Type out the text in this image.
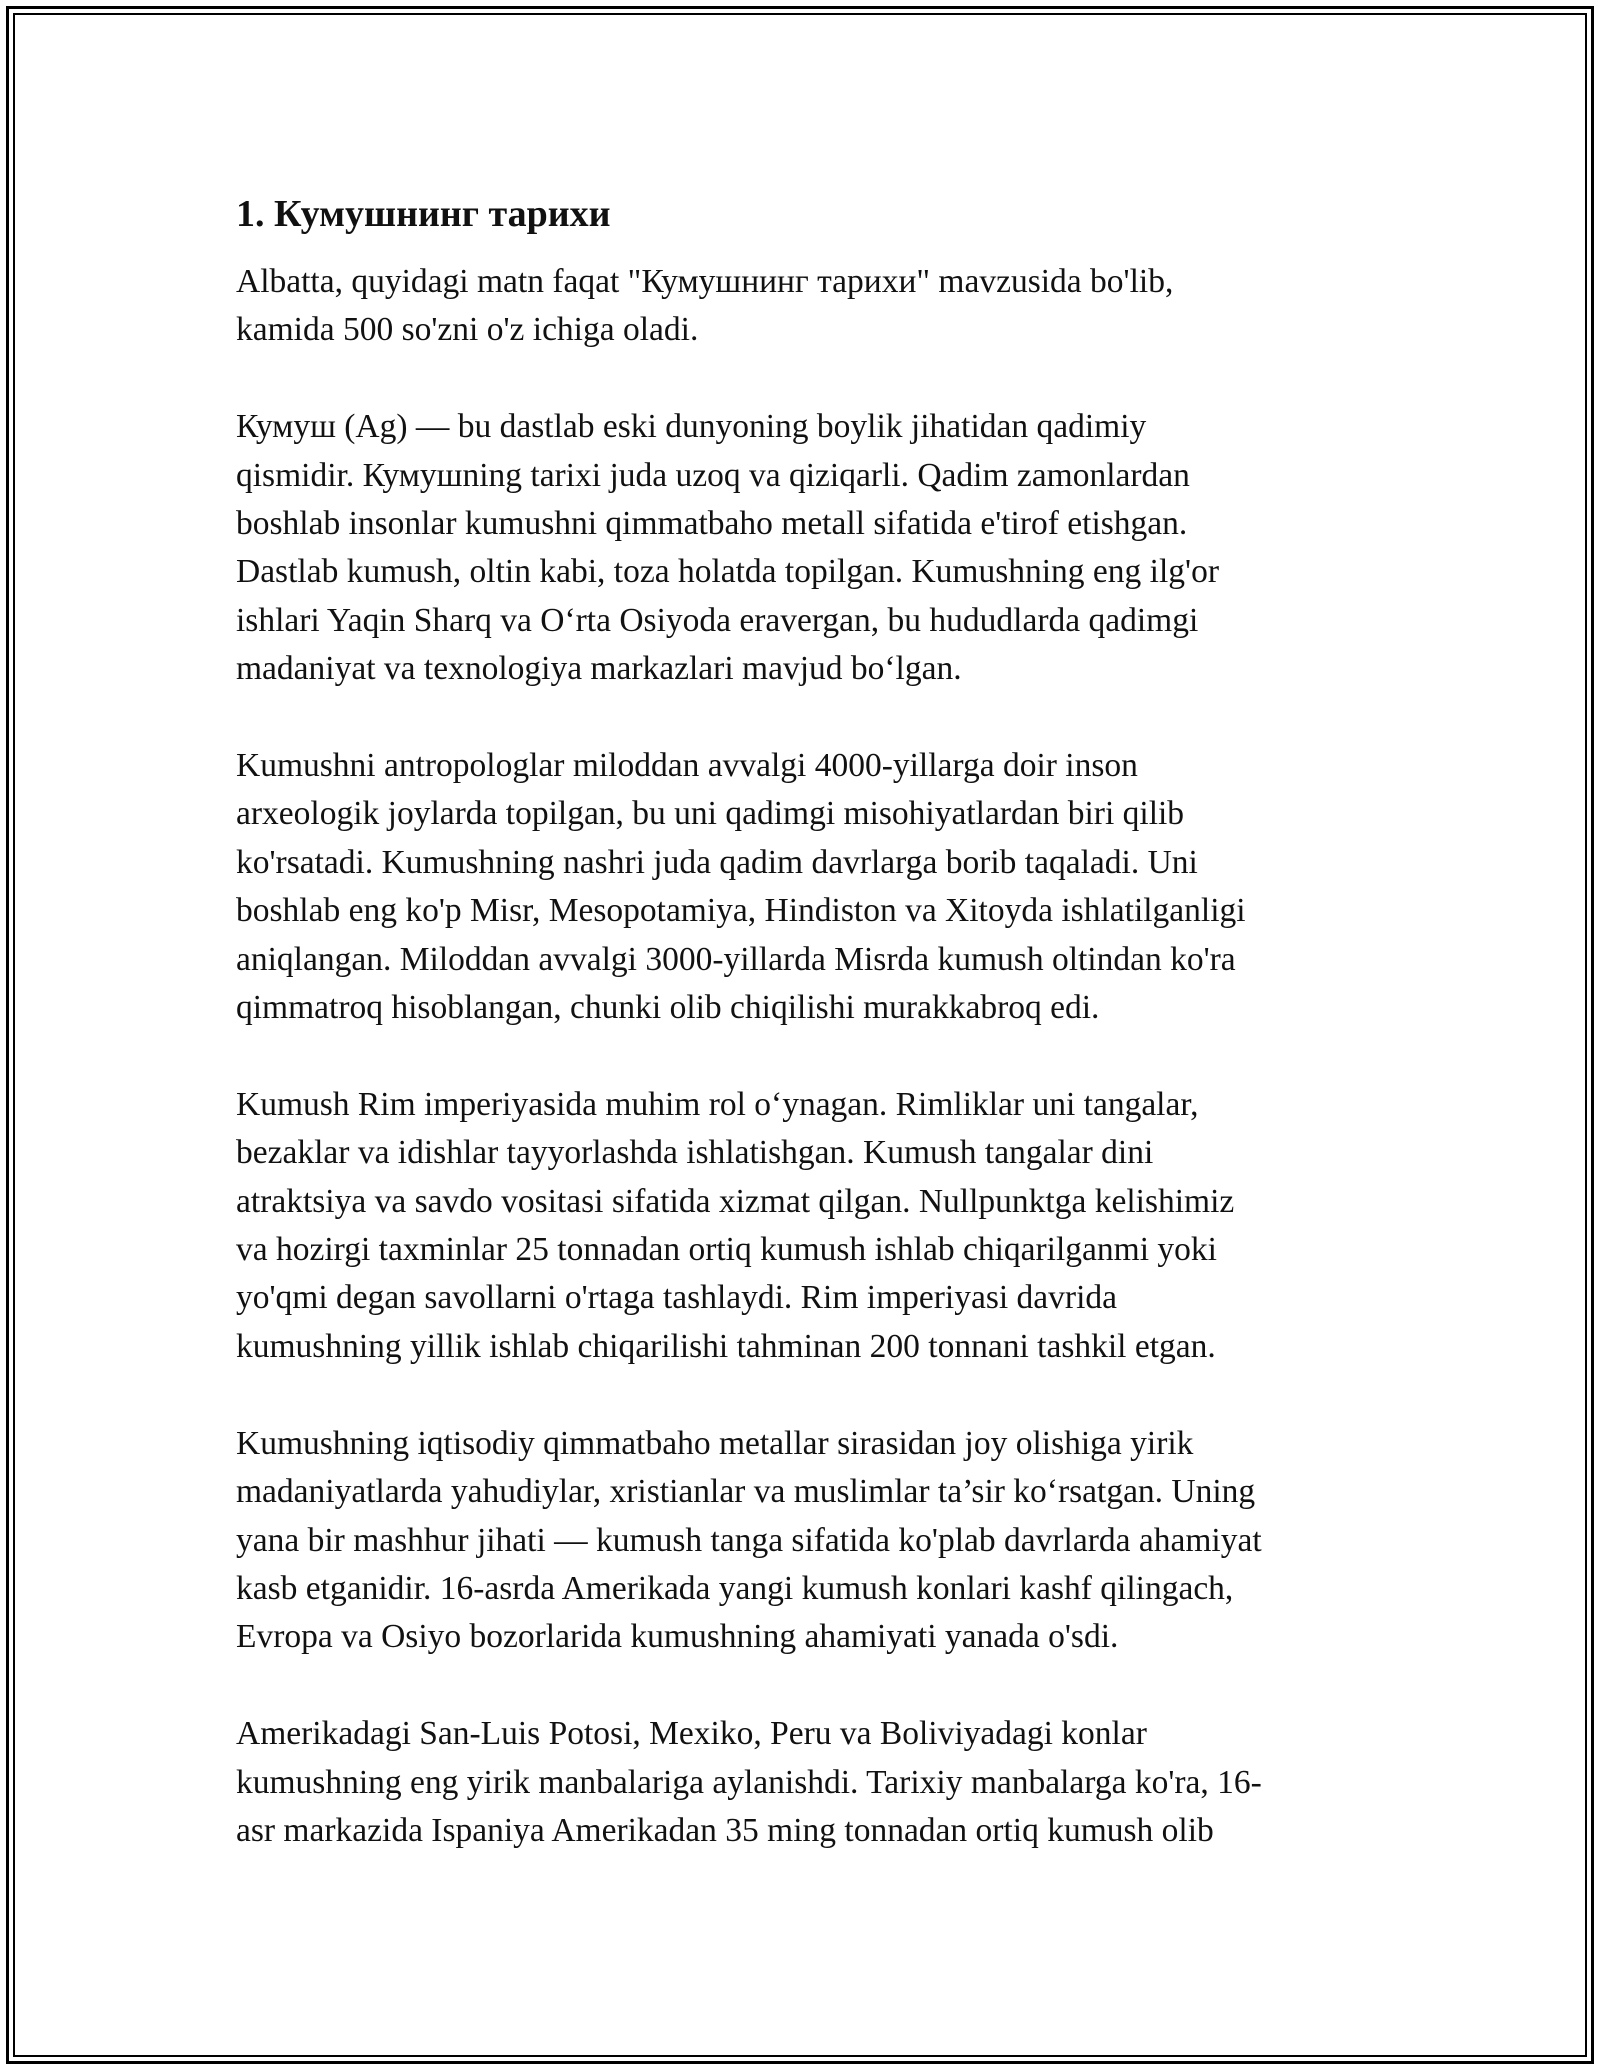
1. Кумушнинг тарихи

Albatta, quyidagi matn faqat "Кумушнинг тарихи" mavzusida bo'lib,
kamida 500 so'zni o'z ichiga oladi.

Кумуш (Ag) — bu dastlab eski dunyoning boylik jihatidan qadimiy
qismidir. Кумушning tarixi juda uzoq va qiziqarli. Qadim zamonlardan
boshlab insonlar kumushni qimmatbaho metall sifatida e'tirof etishgan.
Dastlab kumush, oltin kabi, toza holatda topilgan. Kumushning eng ilg'or
ishlari Yaqin Sharq va O‘rta Osiyoda eravergan, bu hududlarda qadimgi
madaniyat va texnologiya markazlari mavjud bo‘lgan.

Kumushni antropologlar miloddan avvalgi 4000-yillarga doir inson
arxeologik joylarda topilgan, bu uni qadimgi misohiyatlardan biri qilib
ko'rsatadi. Kumushning nashri juda qadim davrlarga borib taqaladi. Uni
boshlab eng ko'p Misr, Mesopotamiya, Hindiston va Xitoyda ishlatilganligi
aniqlangan. Miloddan avvalgi 3000-yillarda Misrda kumush oltindan ko'ra
qimmatroq hisoblangan, chunki olib chiqilishi murakkabroq edi.

Kumush Rim imperiyasida muhim rol o‘ynagan. Rimliklar uni tangalar,
bezaklar va idishlar tayyorlashda ishlatishgan. Kumush tangalar dini
atraktsiya va savdo vositasi sifatida xizmat qilgan. Nullpunktga kelishimiz
va hozirgi taxminlar 25 tonnadan ortiq kumush ishlab chiqarilganmi yoki
yo'qmi degan savollarni o'rtaga tashlaydi. Rim imperiyasi davrida
kumushning yillik ishlab chiqarilishi tahminan 200 tonnani tashkil etgan.

Kumushning iqtisodiy qimmatbaho metallar sirasidan joy olishiga yirik
madaniyatlarda yahudiylar, xristianlar va muslimlar ta’sir ko‘rsatgan. Uning
yana bir mashhur jihati — kumush tanga sifatida ko'plab davrlarda ahamiyat
kasb etganidir. 16-asrda Amerikada yangi kumush konlari kashf qilingach,
Evropa va Osiyo bozorlarida kumushning ahamiyati yanada o'sdi.

Amerikadagi San-Luis Potosi, Mexiko, Peru va Boliviyadagi konlar
kumushning eng yirik manbalariga aylanishdi. Tarixiy manbalarga ko'ra, 16-
asr markazida Ispaniya Amerikadan 35 ming tonnadan ortiq kumush olib
